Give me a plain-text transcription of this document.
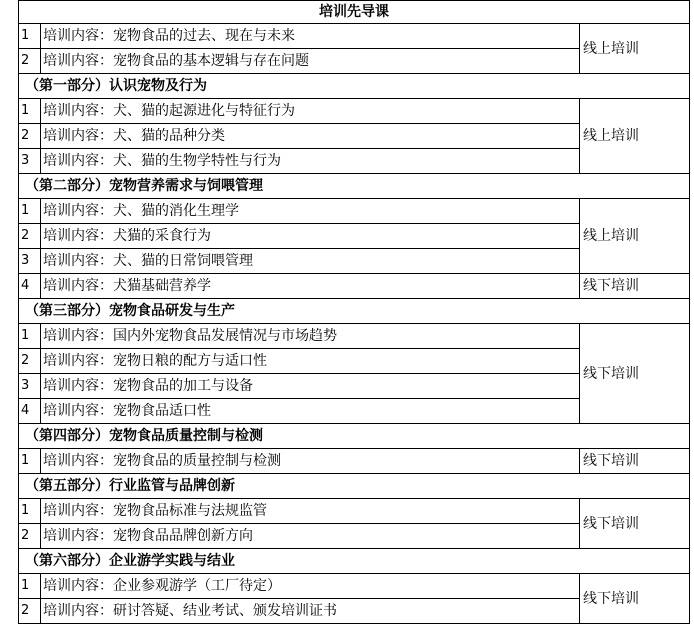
培训先导课		
1	培训内容：宠物食品的过去、现在与未来	线上培训
2	培训内容：宠物食品的基本逻辑与存在问题	
（第一部分）认识宠物及行为		
1	培训内容：犬、猫的起源进化与特征行为	线上培训
2	培训内容：犬、猫的品种分类	
3	培训内容：犬、猫的生物学特性与行为	
（第二部分）宠物营养需求与饲喂管理		
1	培训内容：犬、猫的消化生理学	线上培训
2	培训内容：犬猫的采食行为	
3	培训内容：犬、猫的日常饲喂管理	
4	培训内容：犬猫基础营养学	线下培训
（第三部分）宠物食品研发与生产		
1	培训内容：国内外宠物食品发展情况与市场趋势	线下培训
2	培训内容：宠物日粮的配方与适口性	
3	培训内容：宠物食品的加工与设备	
4	培训内容：宠物食品适口性	
（第四部分）宠物食品质量控制与检测		
1	培训内容：宠物食品的质量控制与检测	线下培训
（第五部分）行业监管与品牌创新		
1	培训内容：宠物食品标准与法规监管	线下培训
2	培训内容：宠物食品品牌创新方向	
（第六部分）企业游学实践与结业		
1	培训内容：企业参观游学（工厂待定）	线下培训
2	培训内容：研讨答疑、结业考试、颁发培训证书	
